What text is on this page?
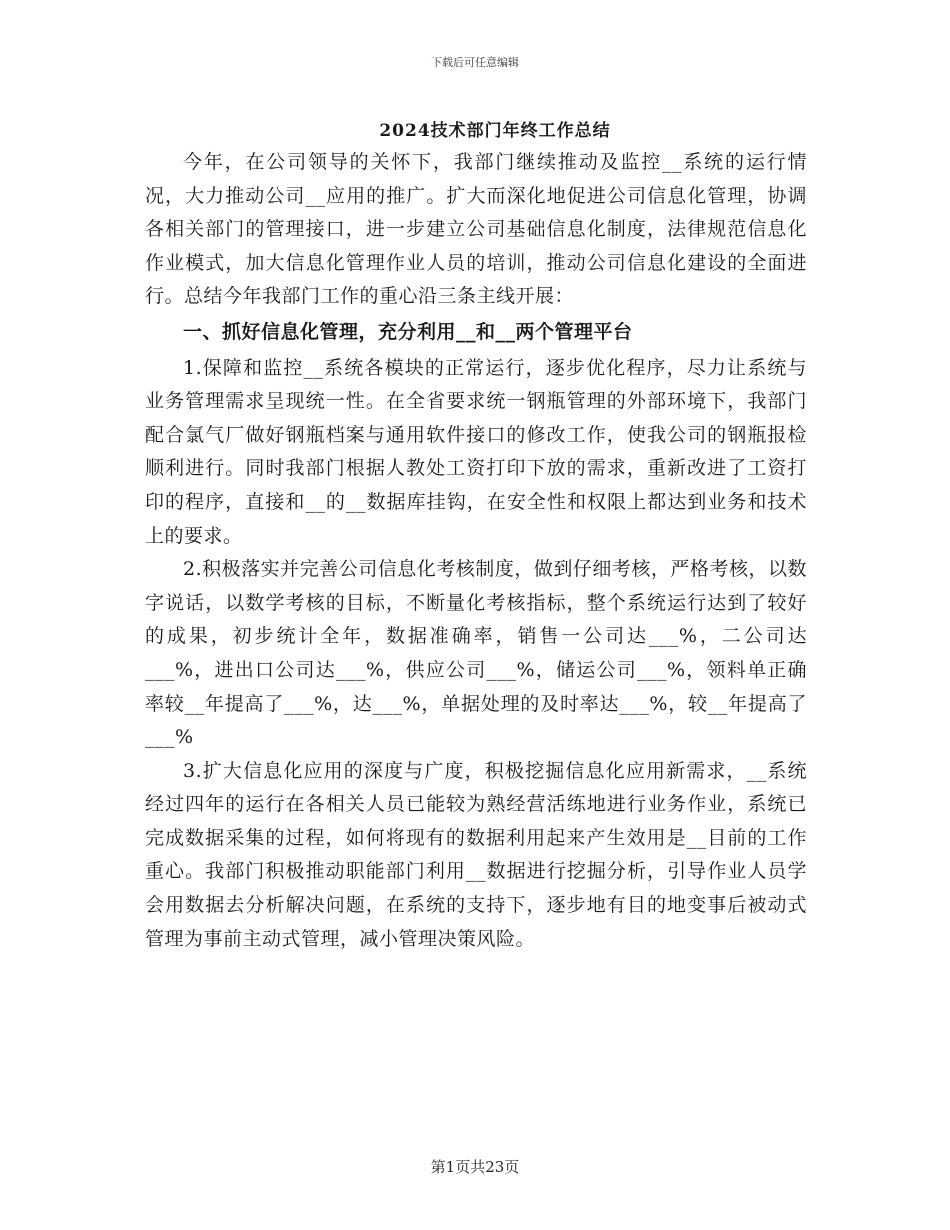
下载后可任意编辑
2024技术部门年终工作总结

今年，在公司领导的关怀下，我部门继续推动及监控__系统的运行情况，大力推动公司__应用的推广。扩大而深化地促进公司信息化管理，协调各相关部门的管理接口，进一步建立公司基础信息化制度，法律规范信息化作业模式，加大信息化管理作业人员的培训，推动公司信息化建设的全面进行。总结今年我部门工作的重心沿三条主线开展：

一、抓好信息化管理，充分利用__和__两个管理平台

1.保障和监控__系统各模块的正常运行，逐步优化程序，尽力让系统与业务管理需求呈现统一性。在全省要求统一钢瓶管理的外部环境下，我部门配合氯气厂做好钢瓶档案与通用软件接口的修改工作，使我公司的钢瓶报检顺利进行。同时我部门根据人教处工资打印下放的需求，重新改进了工资打印的程序，直接和__的__数据库挂钩，在安全性和权限上都达到业务和技术上的要求。

2.积极落实并完善公司信息化考核制度，做到仔细考核，严格考核，以数字说话，以数学考核的目标，不断量化考核指标，整个系统运行达到了较好的成果，初步统计全年，数据准确率，销售一公司达___%，二公司达___%，进出口公司达___%，供应公司___%，储运公司___%，领料单正确率较__年提高了___%，达___%，单据处理的及时率达___%，较__年提高了___%

3.扩大信息化应用的深度与广度，积极挖掘信息化应用新需求，__系统经过四年的运行在各相关人员已能较为熟经营活练地进行业务作业，系统已完成数据采集的过程，如何将现有的数据利用起来产生效用是__目前的工作重心。我部门积极推动职能部门利用__数据进行挖掘分析，引导作业人员学会用数据去分析解决问题，在系统的支持下，逐步地有目的地变事后被动式管理为事前主动式管理，减小管理决策风险。

第1页共23页
